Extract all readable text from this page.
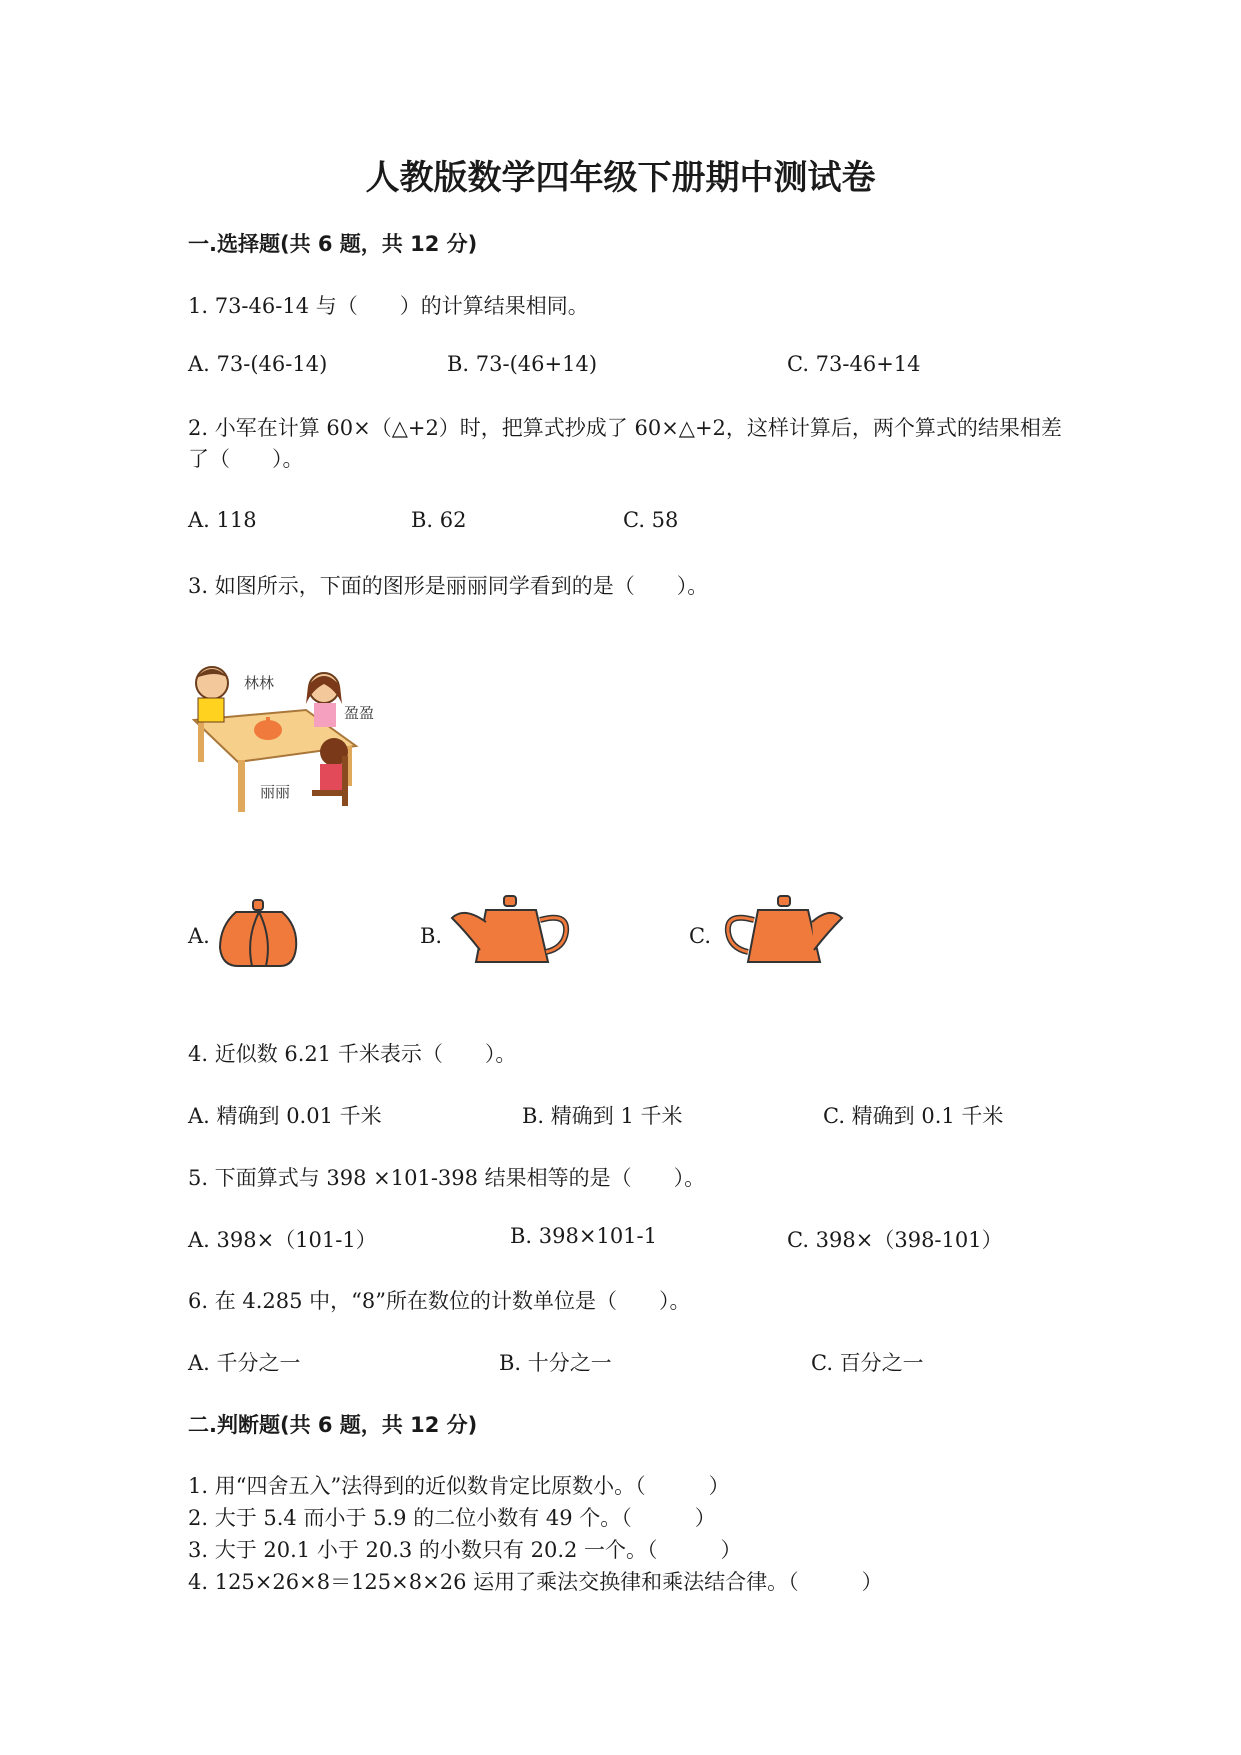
人教版数学四年级下册期中测试卷
一.选择题(共 6 题，共 12 分)
1. 73-46-14 与（　　）的计算结果相同。
A. 73-(46-14)	B. 73-(46+14)	C. 73-46+14
2. 小军在计算 60×（△+2）时，把算式抄成了 60×△+2，这样计算后，两个算式的结果相差了（　　）。
A. 118	B. 62	C. 58
3. 如图所示，下面的图形是丽丽同学看到的是（　　）。
林林
盈盈
丽丽
A.	B.	C.
4. 近似数 6.21 千米表示（　　）。
A. 精确到 0.01 千米	B. 精确到 1 千米	C. 精确到 0.1 千米
5. 下面算式与 398 ×101-398 结果相等的是（　　）。
A. 398×（101-1）	B. 398×101-1	C. 398×（398-101）
6. 在 4.285 中，“8”所在数位的计数单位是（　　）。
A. 千分之一	B. 十分之一	C. 百分之一
二.判断题(共 6 题，共 12 分)
1. 用“四舍五入”法得到的近似数肯定比原数小。（　　　）
2. 大于 5.4 而小于 5.9 的二位小数有 49 个。（　　　）
3. 大于 20.1 小于 20.3 的小数只有 20.2 一个。（　　　）
4. 125×26×8＝125×8×26 运用了乘法交换律和乘法结合律。（　　　）
